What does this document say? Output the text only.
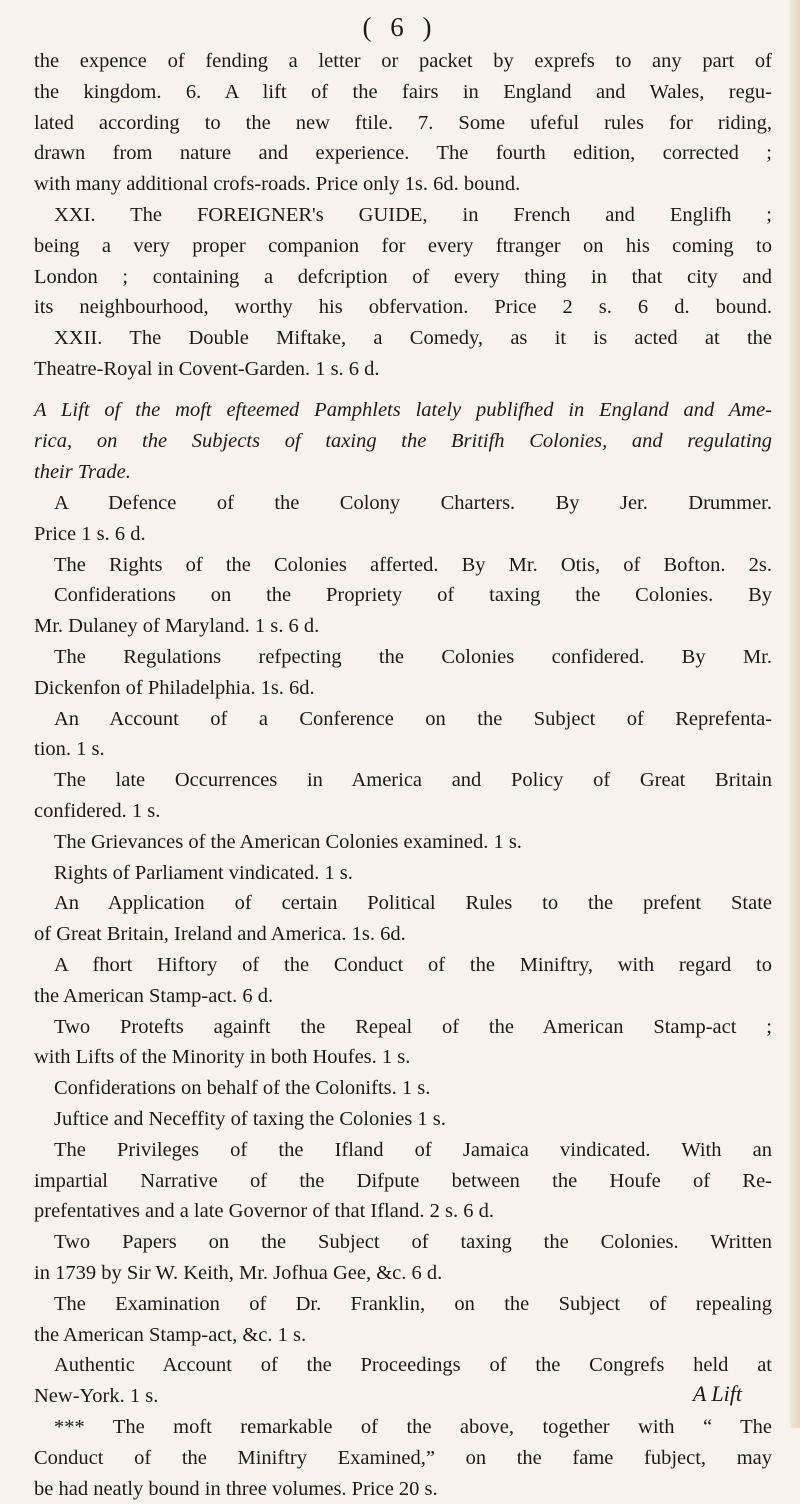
( 6 )
the expence of fending a letter or packet by exprefs to any part of
the kingdom. 6. A lift of the fairs in England and Wales, regu-
lated according to the new ftile. 7. Some ufeful rules for riding,
drawn from nature and experience. The fourth edition, corrected ;
with many additional crofs-roads. Price only 1s. 6d. bound.
XXI. The FOREIGNER's GUIDE, in French and Englifh ;
being a very proper companion for every ftranger on his coming to
London ; containing a defcription of every thing in that city and
its neighbourhood, worthy his obfervation. Price 2 s. 6 d. bound.
XXII. The Double Miftake, a Comedy, as it is acted at the
Theatre-Royal in Covent-Garden. 1 s. 6 d.
A Lift of the moft efteemed Pamphlets lately publifhed in England and Ame-
rica, on the Subjects of taxing the Britifh Colonies, and regulating
their Trade.
A Defence of the Colony Charters. By Jer. Drummer.
Price 1 s. 6 d.
The Rights of the Colonies afferted. By Mr. Otis, of Bofton. 2s.
Confiderations on the Propriety of taxing the Colonies. By
Mr. Dulaney of Maryland. 1 s. 6 d.
The Regulations refpecting the Colonies confidered. By Mr.
Dickenfon of Philadelphia. 1s. 6d.
An Account of a Conference on the Subject of Reprefenta-
tion. 1 s.
The late Occurrences in America and Policy of Great Britain
confidered. 1 s.
The Grievances of the American Colonies examined. 1 s.
Rights of Parliament vindicated. 1 s.
An Application of certain Political Rules to the prefent State
of Great Britain, Ireland and America. 1s. 6d.
A fhort Hiftory of the Conduct of the Miniftry, with regard to
the American Stamp-act. 6 d.
Two Protefts againft the Repeal of the American Stamp-act ;
with Lifts of the Minority in both Houfes. 1 s.
Confiderations on behalf of the Colonifts. 1 s.
Juftice and Neceffity of taxing the Colonies 1 s.
The Privileges of the Ifland of Jamaica vindicated. With an
impartial Narrative of the Difpute between the Houfe of Re-
prefentatives and a late Governor of that Ifland. 2 s. 6 d.
Two Papers on the Subject of taxing the Colonies. Written
in 1739 by Sir W. Keith, Mr. Jofhua Gee, &c. 6 d.
The Examination of Dr. Franklin, on the Subject of repealing
the American Stamp-act, &c. 1 s.
Authentic Account of the Proceedings of the Congrefs held at
New-York. 1 s.
*** The moft remarkable of the above, together with “ The
Conduct of the Miniftry Examined,” on the fame fubject, may
be had neatly bound in three volumes. Price 20 s.
A Lift
